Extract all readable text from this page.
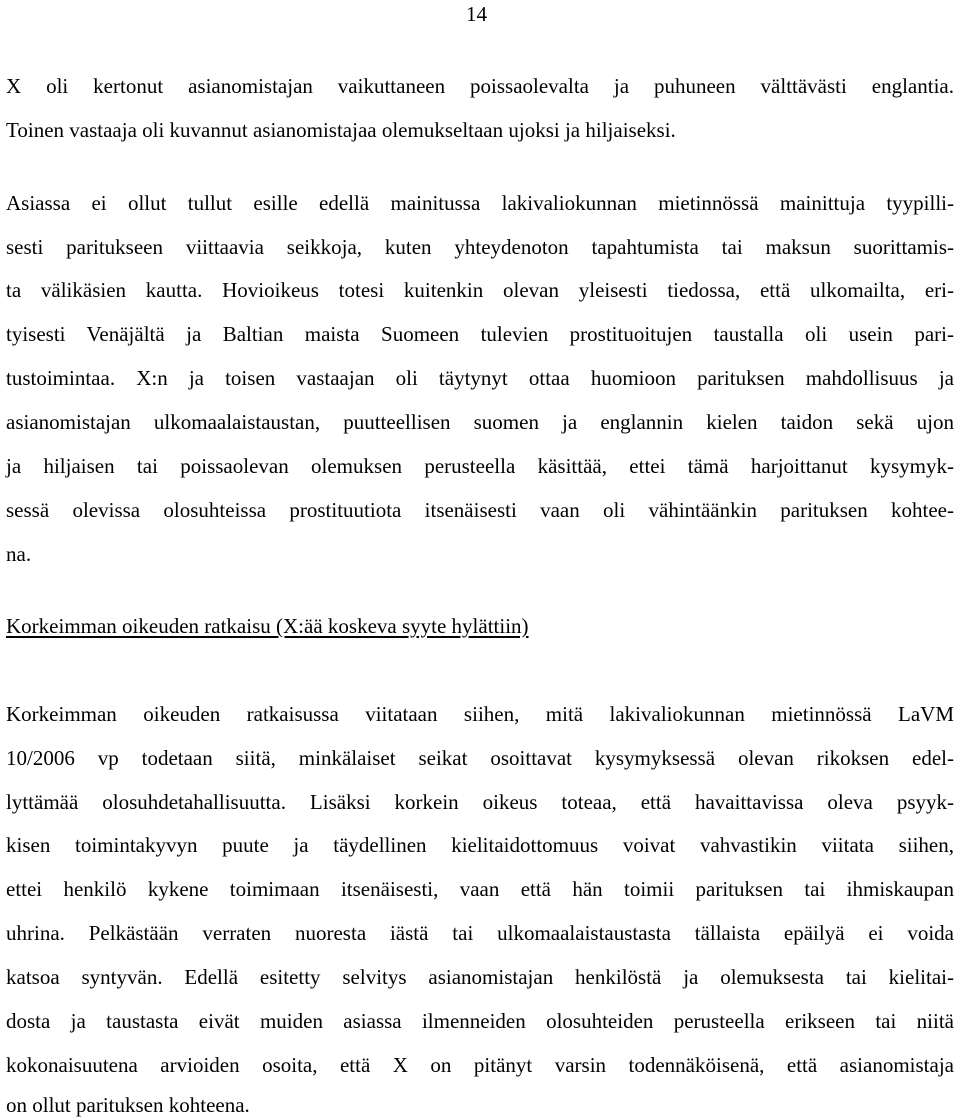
14
X oli kertonut asianomistajan vaikuttaneen poissaolevalta ja puhuneen välttävästi englantia.
Toinen vastaaja oli kuvannut asianomistajaa olemukseltaan ujoksi ja hiljaiseksi.
Asiassa ei ollut tullut esille edellä mainitussa lakivaliokunnan mietinnössä mainittuja tyypilli-
sesti paritukseen viittaavia seikkoja, kuten yhteydenoton tapahtumista tai maksun suorittamis-
ta välikäsien kautta. Hovioikeus totesi kuitenkin olevan yleisesti tiedossa, että ulkomailta, eri-
tyisesti Venäjältä ja Baltian maista Suomeen tulevien prostituoitujen taustalla oli usein pari-
tustoimintaa. X:n ja toisen vastaajan oli täytynyt ottaa huomioon parituksen mahdollisuus ja
asianomistajan ulkomaalaistaustan, puutteellisen suomen ja englannin kielen taidon sekä ujon
ja hiljaisen tai poissaolevan olemuksen perusteella käsittää, ettei tämä harjoittanut kysymyk-
sessä olevissa olosuhteissa prostituutiota itsenäisesti vaan oli vähintäänkin parituksen kohtee-
na.
Korkeimman oikeuden ratkaisu (X:ää koskeva syyte hylättiin)
Korkeimman oikeuden ratkaisussa viitataan siihen, mitä lakivaliokunnan mietinnössä LaVM
10/2006 vp todetaan siitä, minkälaiset seikat osoittavat kysymyksessä olevan rikoksen edel-
lyttämää olosuhdetahallisuutta. Lisäksi korkein oikeus toteaa, että havaittavissa oleva psyyk-
kisen toimintakyvyn puute ja täydellinen kielitaidottomuus voivat vahvastikin viitata siihen,
ettei henkilö kykene toimimaan itsenäisesti, vaan että hän toimii parituksen tai ihmiskaupan
uhrina. Pelkästään verraten nuoresta iästä tai ulkomaalaistaustasta tällaista epäilyä ei voida
katsoa syntyvän. Edellä esitetty selvitys asianomistajan henkilöstä ja olemuksesta tai kielitai-
dosta ja taustasta eivät muiden asiassa ilmenneiden olosuhteiden perusteella erikseen tai niitä
kokonaisuutena arvioiden osoita, että X on pitänyt varsin todennäköisenä, että asianomistaja
on ollut parituksen kohteena.
